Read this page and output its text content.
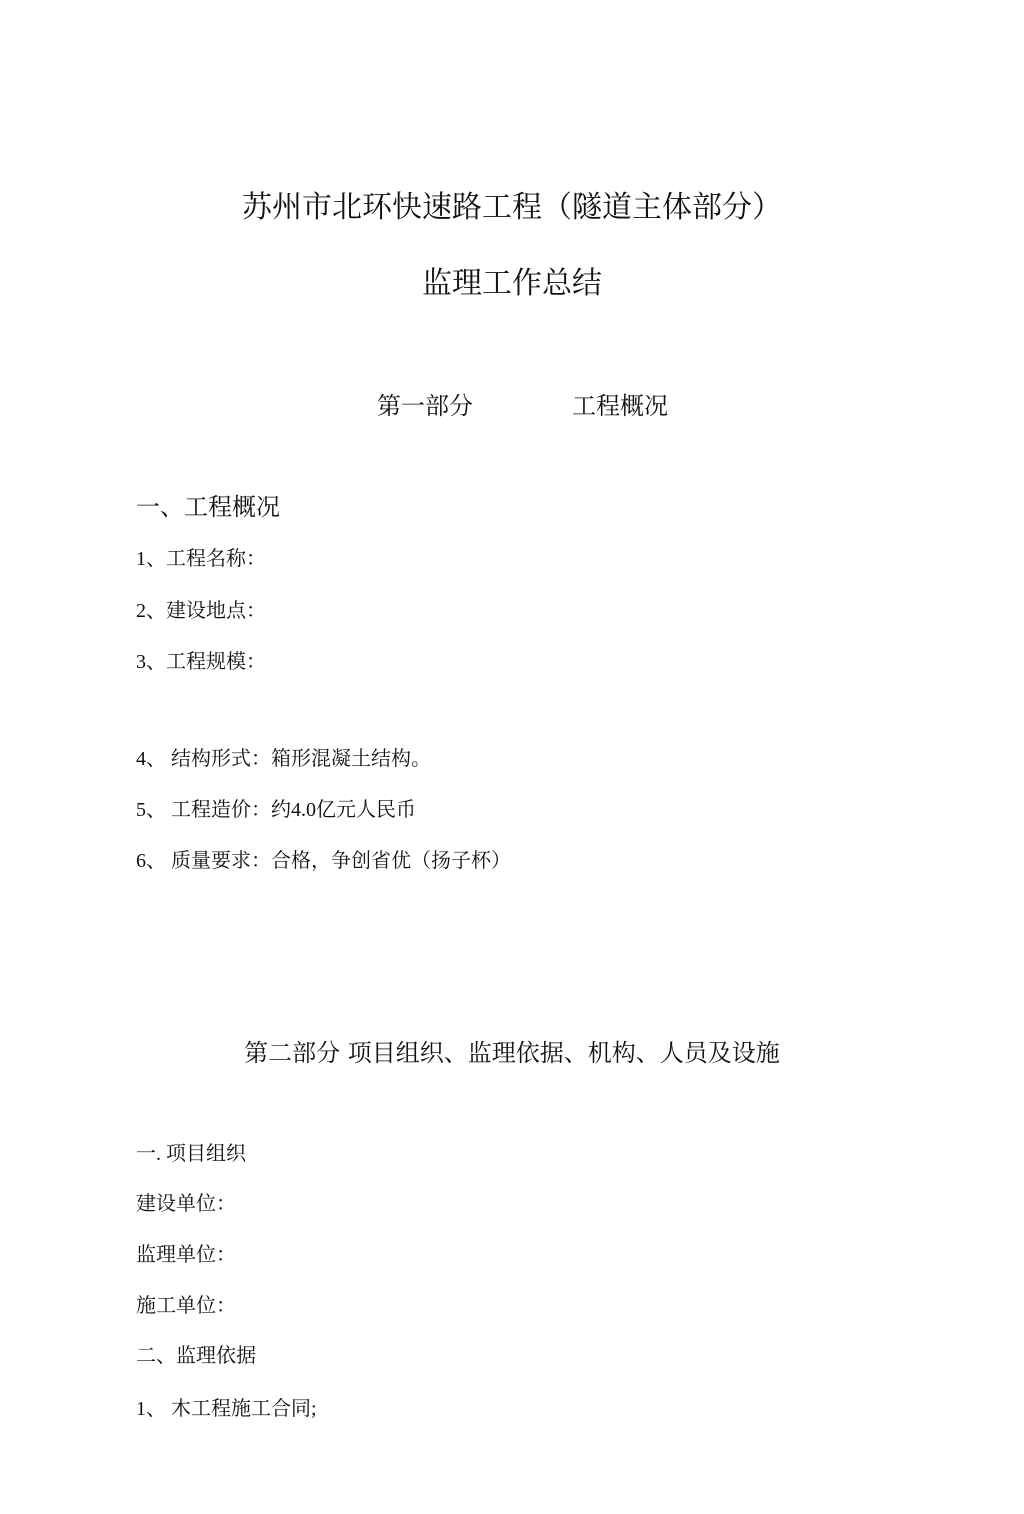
苏州市北环快速路工程（隧道主体部分）
监理工作总结
第一部分	工程概况
一、工程概况
1、工程名称：
2、建设地点：
3、工程规模：
4、 结构形式：箱形混凝土结构。
5、 工程造价：约4.0亿元人民币
6、 质量要求：合格，争创省优（扬子杯）
第二部分 项目组织、监理依据、机构、人员及设施
一. 项目组织
建设单位：
监理单位：
施工单位：
二、监理依据
1、 木工程施工合同;
